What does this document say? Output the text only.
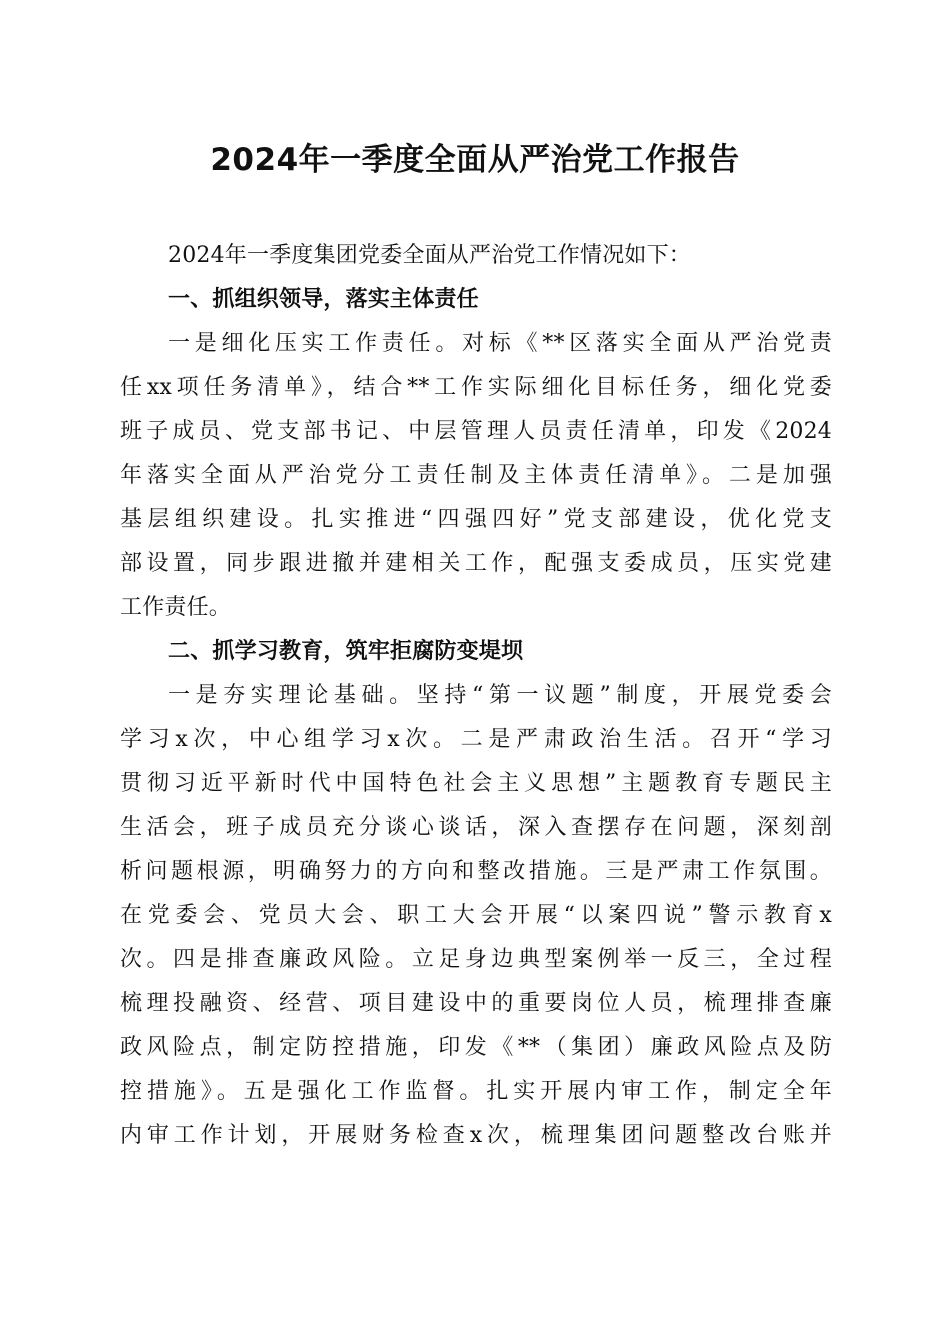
2024年一季度全面从严治党工作报告
2024年一季度集团党委全面从严治党工作情况如下：
一、抓组织领导，落实主体责任
一是细化压实工作责任。对标《**区落实全面从严治党责
任xx项任务清单》，结合**工作实际细化目标任务，细化党委
班子成员、党支部书记、中层管理人员责任清单，印发《2024
年落实全面从严治党分工责任制及主体责任清单》。二是加强
基层组织建设。扎实推进“四强四好”党支部建设，优化党支
部设置，同步跟进撤并建相关工作，配强支委成员，压实党建
工作责任。
二、抓学习教育，筑牢拒腐防变堤坝
一是夯实理论基础。坚持“第一议题”制度，开展党委会
学习x次，中心组学习x次。二是严肃政治生活。召开“学习
贯彻习近平新时代中国特色社会主义思想”主题教育专题民主
生活会，班子成员充分谈心谈话，深入查摆存在问题，深刻剖
析问题根源，明确努力的方向和整改措施。三是严肃工作氛围。
在党委会、党员大会、职工大会开展“以案四说”警示教育x
次。四是排查廉政风险。立足身边典型案例举一反三，全过程
梳理投融资、经营、项目建设中的重要岗位人员，梳理排查廉
政风险点，制定防控措施，印发《**（集团）廉政风险点及防
控措施》。五是强化工作监督。扎实开展内审工作，制定全年
内审工作计划，开展财务检查x次，梳理集团问题整改台账并
